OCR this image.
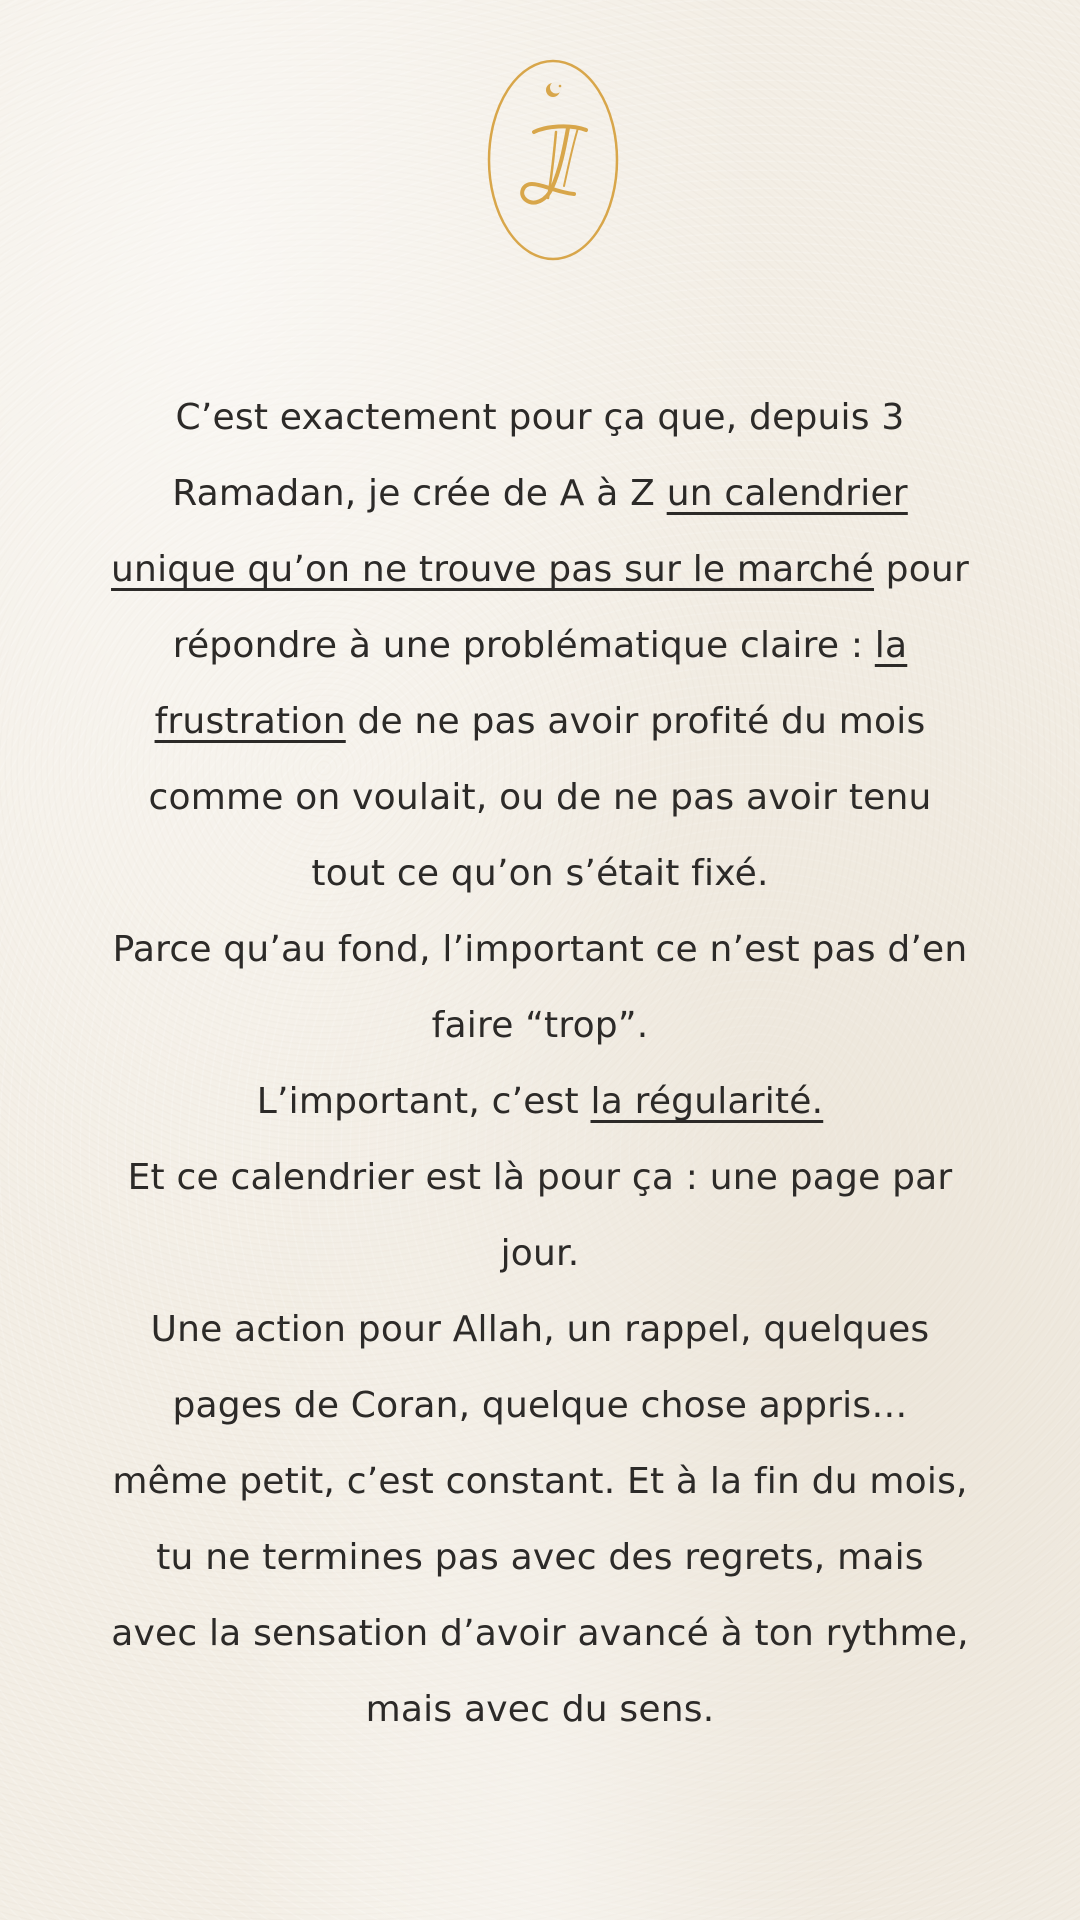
C’est exactement pour ça que, depuis 3 Ramadan, je crée de A à Z un calendrier unique qu’on ne trouve pas sur le marché pour répondre à une problématique claire : la frustration de ne pas avoir profité du mois comme on voulait, ou de ne pas avoir tenu tout ce qu’on s’était fixé.
Parce qu’au fond, l’important ce n’est pas d’en faire “trop”.
L’important, c’est la régularité.
Et ce calendrier est là pour ça : une page par jour.
Une action pour Allah, un rappel, quelques pages de Coran, quelque chose appris… même petit, c’est constant. Et à la fin du mois, tu ne termines pas avec des regrets, mais avec la sensation d’avoir avancé à ton rythme, mais avec du sens.
